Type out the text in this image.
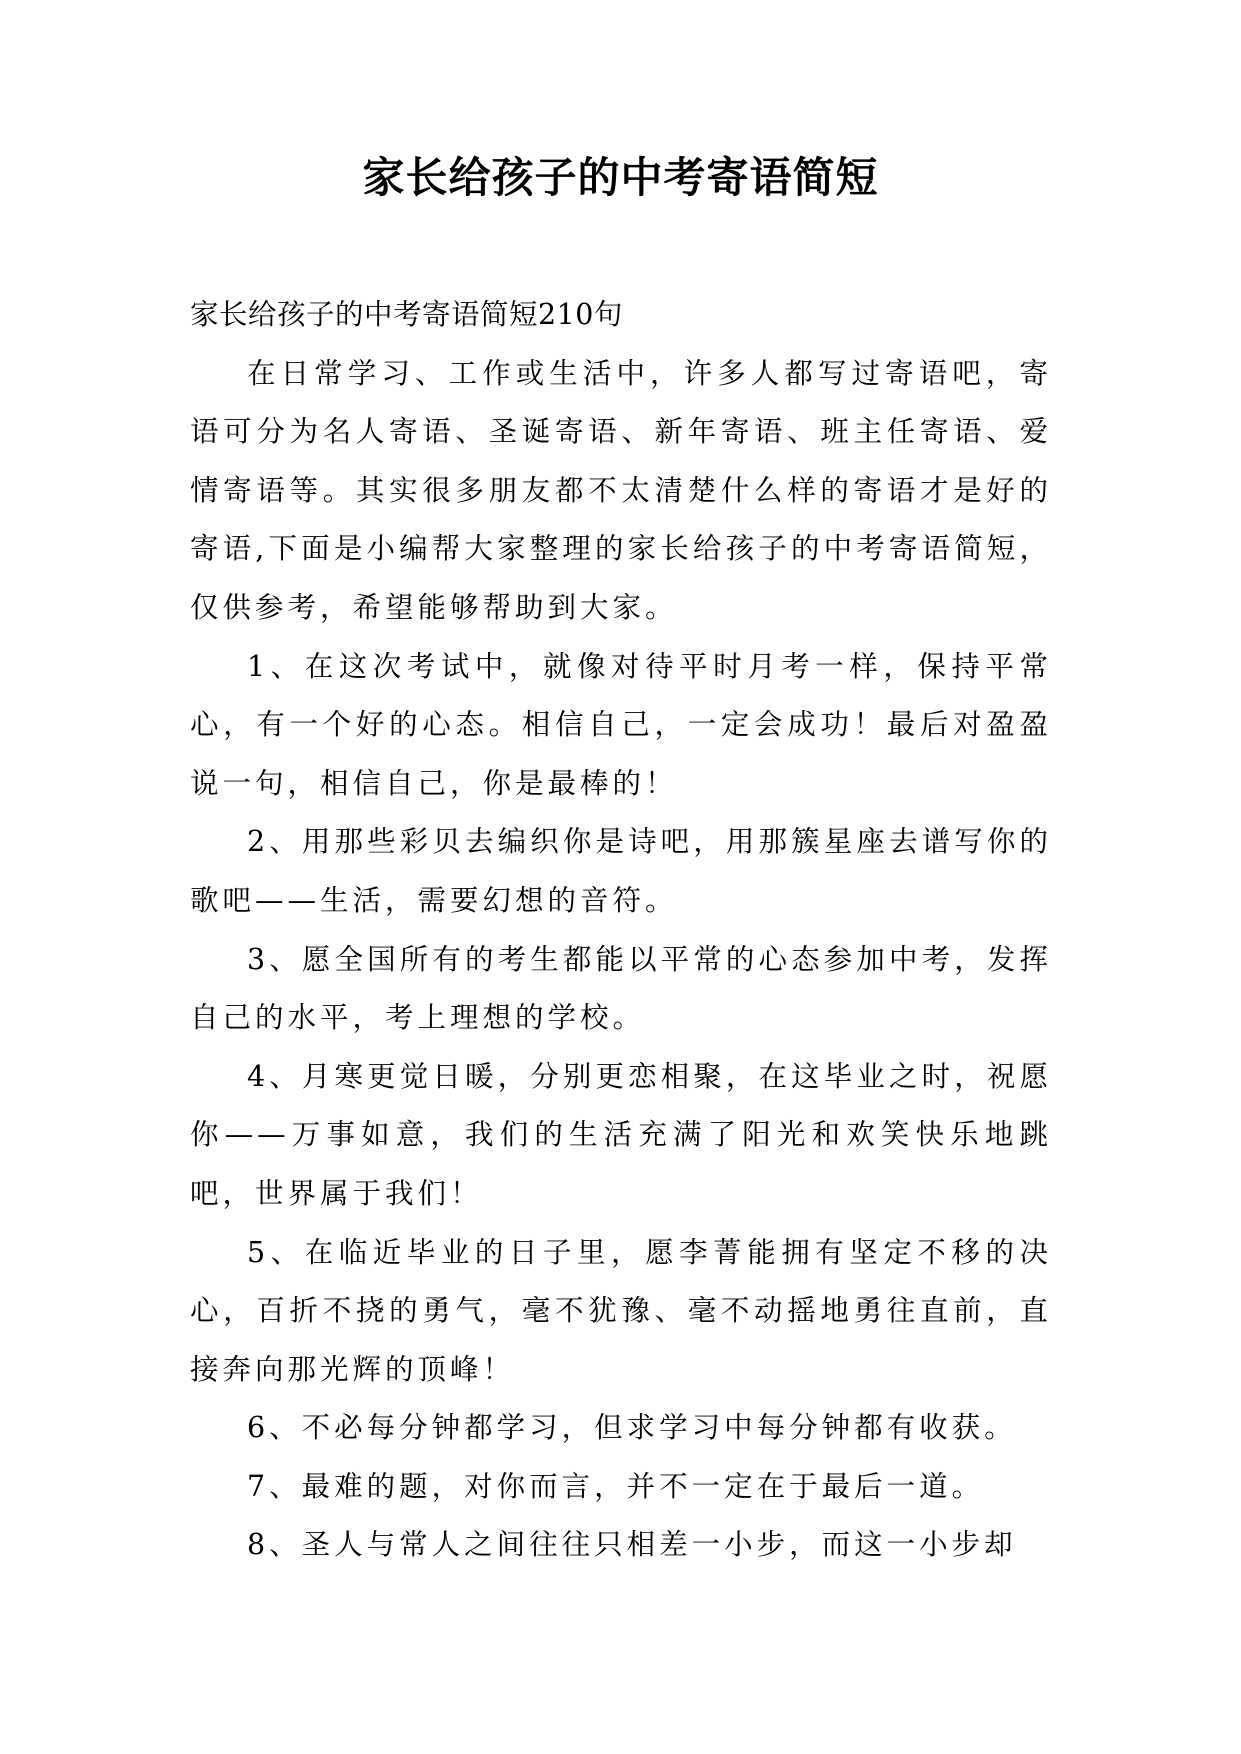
家长给孩子的中考寄语简短

家长给孩子的中考寄语简短210句

在日常学习、工作或生活中，许多人都写过寄语吧，寄语可分为名人寄语、圣诞寄语、新年寄语、班主任寄语、爱情寄语等。其实很多朋友都不太清楚什么样的寄语才是好的寄语,下面是小编帮大家整理的家长给孩子的中考寄语简短，仅供参考，希望能够帮助到大家。

1、在这次考试中，就像对待平时月考一样，保持平常心，有一个好的心态。相信自己，一定会成功！最后对盈盈说一句，相信自己，你是最棒的！

2、用那些彩贝去编织你是诗吧，用那簇星座去谱写你的歌吧——生活，需要幻想的音符。

3、愿全国所有的考生都能以平常的心态参加中考，发挥自己的水平，考上理想的学校。

4、月寒更觉日暖，分别更恋相聚，在这毕业之时，祝愿你——万事如意，我们的生活充满了阳光和欢笑快乐地跳吧，世界属于我们！

5、在临近毕业的日子里，愿李菁能拥有坚定不移的决心，百折不挠的勇气，毫不犹豫、毫不动摇地勇往直前，直接奔向那光辉的顶峰！

6、不必每分钟都学习，但求学习中每分钟都有收获。

7、最难的题，对你而言，并不一定在于最后一道。

8、圣人与常人之间往往只相差一小步，而这一小步却
